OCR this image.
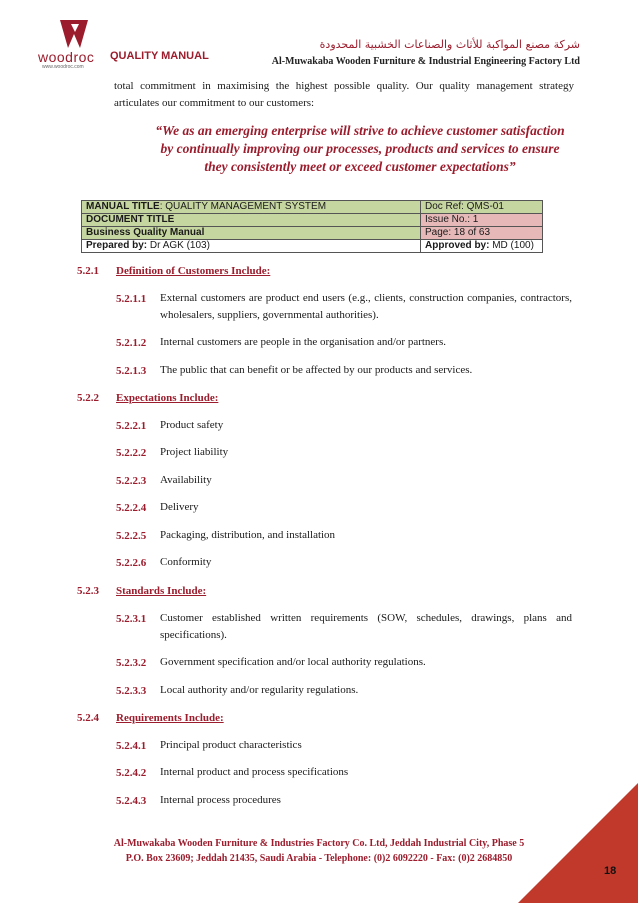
woodroc
www.woodroc.com
QUALITY MANUAL
شركة مصنع المواكبة للأثاث والصناعات الخشبية المحدودة
Al-Muwakaba Wooden Furniture & Industrial Engineering Factory Ltd
total commitment in maximising the highest possible quality. Our quality management strategy articulates our commitment to our customers:
“We as an emerging enterprise will strive to achieve customer satisfaction by continually improving our processes, products and services to ensure they consistently meet or exceed customer expectations”
MANUAL TITLE: QUALITY MANAGEMENT SYSTEM	Doc Ref: QMS-01
DOCUMENT TITLE	Issue No.: 1
Business Quality Manual	Page: 18 of 63
Prepared by: Dr AGK (103)	Approved by: MD (100)
5.2.1 Definition of Customers Include:
5.2.1.1 External customers are product end users (e.g., clients, construction companies, contractors, wholesalers, suppliers, governmental authorities).
5.2.1.2 Internal customers are people in the organisation and/or partners.
5.2.1.3 The public that can benefit or be affected by our products and services.
5.2.2 Expectations Include:
5.2.2.1 Product safety
5.2.2.2 Project liability
5.2.2.3 Availability
5.2.2.4 Delivery
5.2.2.5 Packaging, distribution, and installation
5.2.2.6 Conformity
5.2.3 Standards Include:
5.2.3.1 Customer established written requirements (SOW, schedules, drawings, plans and specifications).
5.2.3.2 Government specification and/or local authority regulations.
5.2.3.3 Local authority and/or regularity regulations.
5.2.4 Requirements Include:
5.2.4.1 Principal product characteristics
5.2.4.2 Internal product and process specifications
5.2.4.3 Internal process procedures
Al-Muwakaba Wooden Furniture & Industries Factory Co. Ltd, Jeddah Industrial City, Phase 5
P.O. Box 23609; Jeddah 21435, Saudi Arabia - Telephone: (0)2 6092220 - Fax: (0)2 2684850
18
